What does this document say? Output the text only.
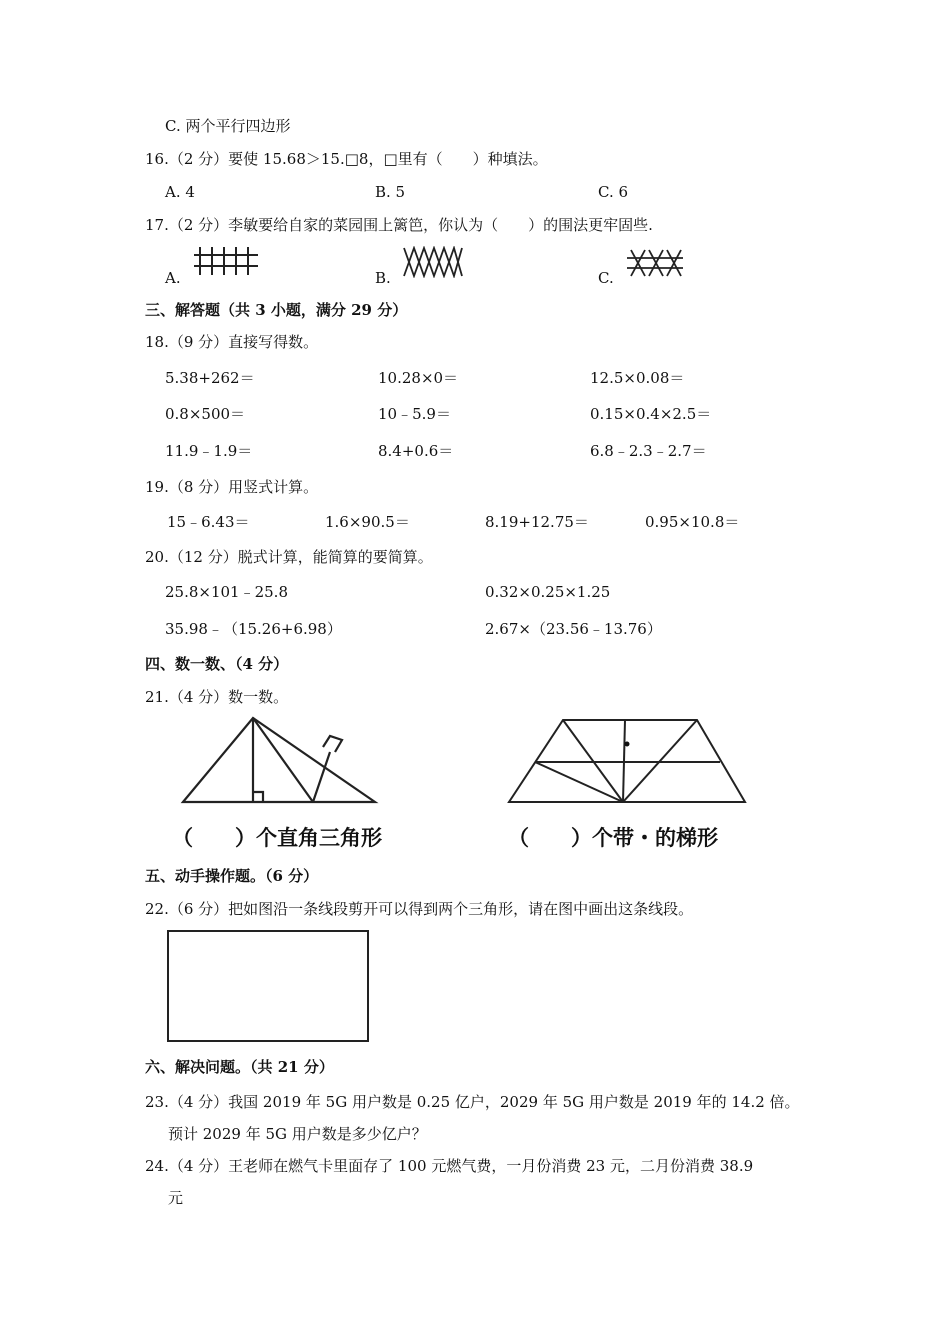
C. 两个平行四边形
16.（2 分）要使 15.68＞15.□8，□里有（　　）种填法。
A. 4	B. 5	C. 6
17.（2 分）李敏要给自家的菜园围上篱笆，你认为（　　）的围法更牢固些.
A.	B.	C.
三、解答题（共 3 小题，满分 29 分）
18.（9 分）直接写得数。
5.38+262＝	10.28×0＝	12.5×0.08＝
0.8×500＝	10﹣5.9＝	0.15×0.4×2.5＝
11.9﹣1.9＝	8.4+0.6＝	6.8﹣2.3﹣2.7＝
19.（8 分）用竖式计算。
15﹣6.43＝	1.6×90.5＝	8.19+12.75＝	0.95×10.8＝
20.（12 分）脱式计算，能简算的要简算。
25.8×101﹣25.8	0.32×0.25×1.25
35.98﹣（15.26+6.98）	2.67×（23.56﹣13.76）
四、数一数、（4 分）
21.（4 分）数一数。
（　　）个直角三角形	（　　）个带・的梯形
五、动手操作题。（6 分）
22.（6 分）把如图沿一条线段剪开可以得到两个三角形，请在图中画出这条线段。
六、解决问题。（共 21 分）
23.（4 分）我国 2019 年 5G 用户数是 0.25 亿户，2029 年 5G 用户数是 2019 年的 14.2 倍。
预计 2029 年 5G 用户数是多少亿户？
24.（4 分）王老师在燃气卡里面存了 100 元燃气费，一月份消费 23 元，二月份消费 38.9
元
